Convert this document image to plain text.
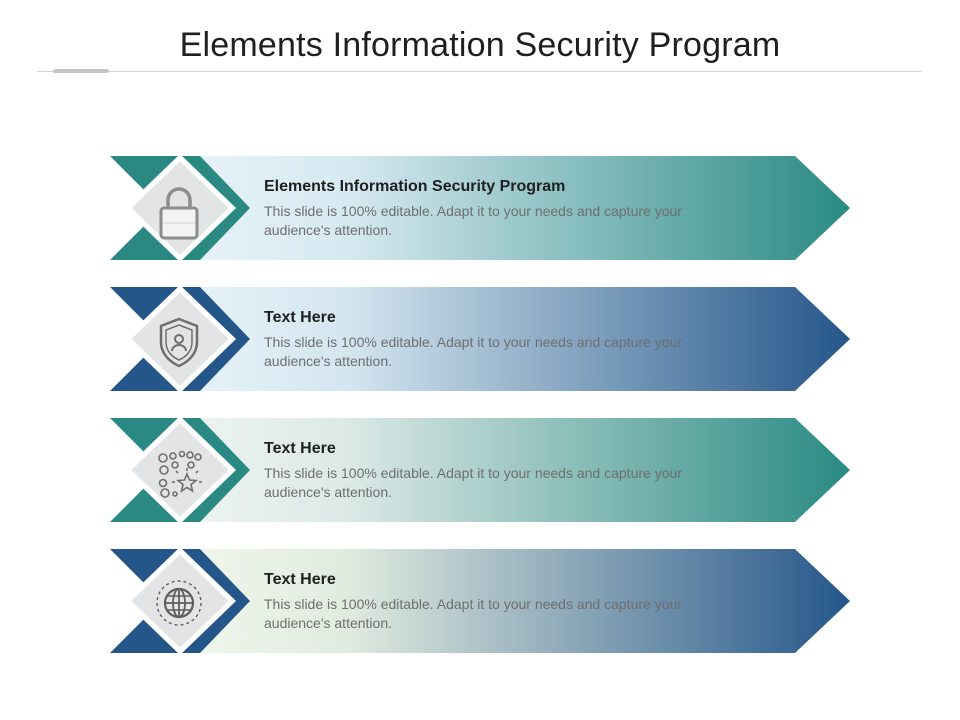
Elements Information Security Program
Elements Information Security Program
This slide is 100% editable. Adapt it to your needs and capture your audience's attention.
Text Here
This slide is 100% editable. Adapt it to your needs and capture your audience's attention.
Text Here
This slide is 100% editable. Adapt it to your needs and capture your audience's attention.
Text Here
This slide is 100% editable. Adapt it to your needs and capture your audience's attention.
